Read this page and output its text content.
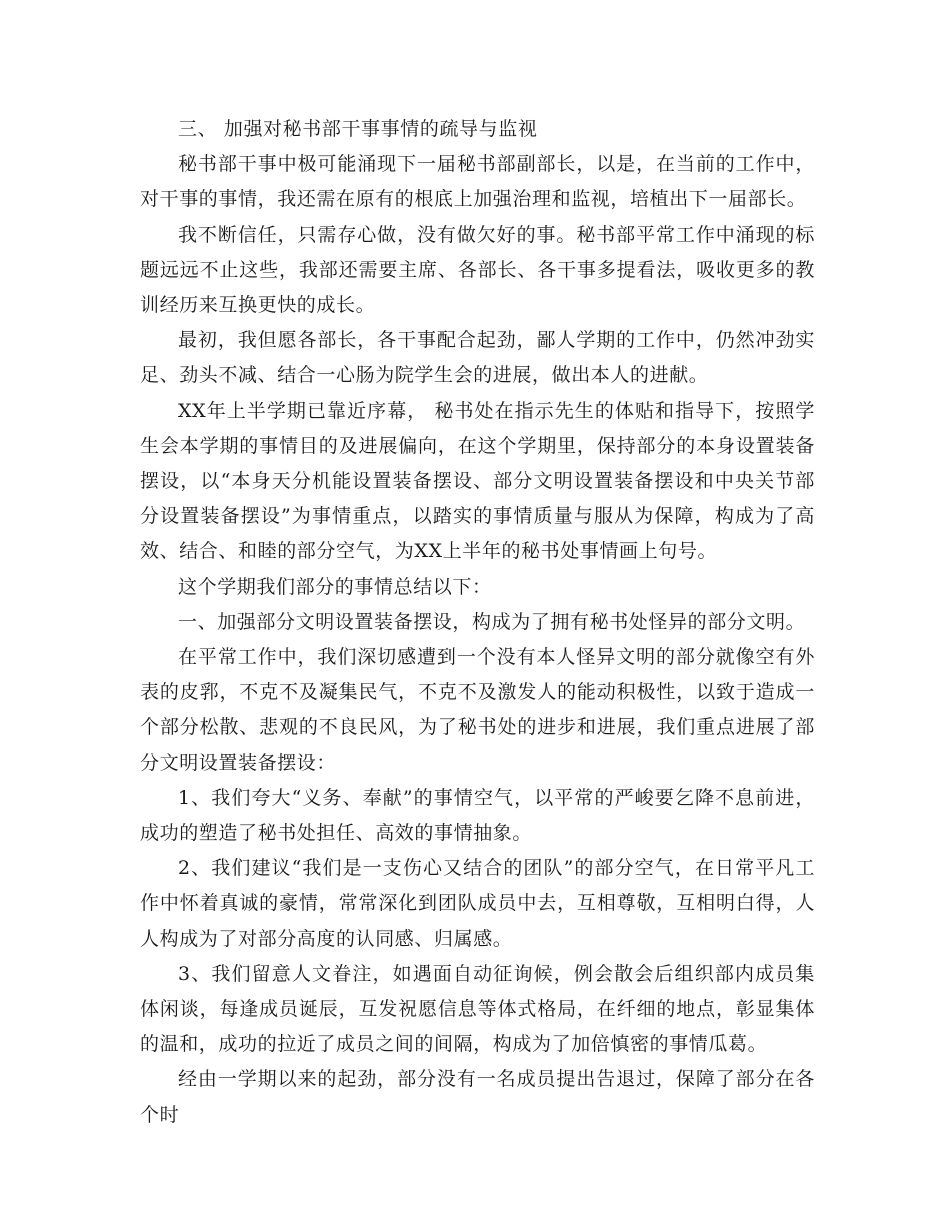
三、 加强对秘书部干事事情的疏导与监视

秘书部干事中极可能涌现下一届秘书部副部长，以是，在当前的工作中，对干事的事情，我还需在原有的根底上加强治理和监视，培植出下一届部长。

我不断信任，只需存心做，没有做欠好的事。秘书部平常工作中涌现的标题远远不止这些，我部还需要主席、各部长、各干事多提看法，吸收更多的教训经历来互换更快的成长。

最初，我但愿各部长，各干事配合起劲，鄙人学期的工作中，仍然冲劲实足、劲头不减、结合一心肠为院学生会的进展，做出本人的进献。

XX年上半学期已靠近序幕， 秘书处在指示先生的体贴和指导下，按照学生会本学期的事情目的及进展偏向，在这个学期里，保持部分的本身设置装备摆设，以“本身天分机能设置装备摆设、部分文明设置装备摆设和中央关节部分设置装备摆设”为事情重点，以踏实的事情质量与服从为保障，构成为了高效、结合、和睦的部分空气，为XX上半年的秘书处事情画上句号。

这个学期我们部分的事情总结以下：

一、加强部分文明设置装备摆设，构成为了拥有秘书处怪异的部分文明。

在平常工作中，我们深切感遭到一个没有本人怪异文明的部分就像空有外表的皮郛，不克不及凝集民气，不克不及激发人的能动积极性，以致于造成一个部分松散、悲观的不良民风，为了秘书处的进步和进展，我们重点进展了部分文明设置装备摆设：

1、我们夸大“义务、奉献”的事情空气，以平常的严峻要乞降不息前进，成功的塑造了秘书处担任、高效的事情抽象。

2、我们建议“我们是一支伤心又结合的团队”的部分空气，在日常平凡工作中怀着真诚的豪情，常常深化到团队成员中去，互相尊敬，互相明白得，人人构成为了对部分高度的认同感、归属感。

3、我们留意人文眷注，如遇面自动征询候，例会散会后组织部内成员集体闲谈，每逢成员诞辰，互发祝愿信息等体式格局，在纤细的地点，彰显集体的温和，成功的拉近了成员之间的间隔，构成为了加倍慎密的事情瓜葛。

经由一学期以来的起劲，部分没有一名成员提出告退过，保障了部分在各个时
